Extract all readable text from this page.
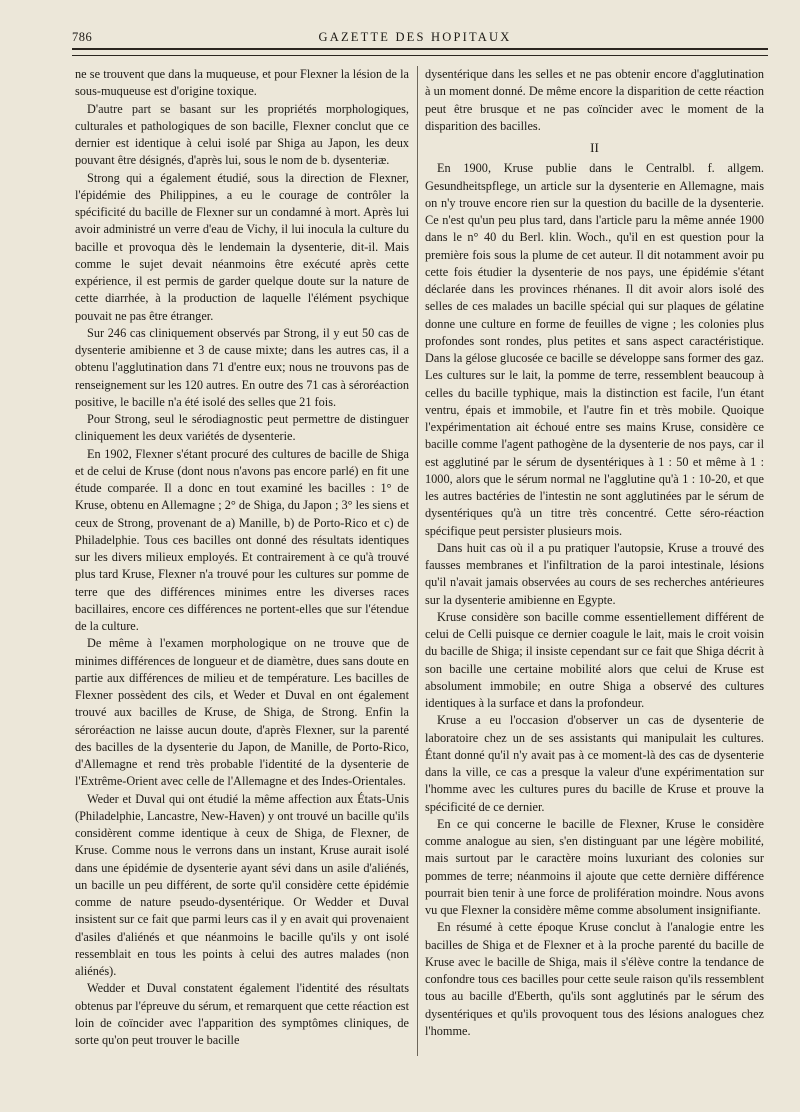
786	GAZETTE DES HOPITAUX

ne se trouvent que dans la muqueuse, et pour Flexner la lésion de la sous-muqueuse est d'origine toxique.

D'autre part se basant sur les propriétés morphologiques, culturales et pathologiques de son bacille, Flexner conclut que ce dernier est identique à celui isolé par Shiga au Japon, les deux pouvant être désignés, d'après lui, sous le nom de b. dysenteriæ.

Strong qui a également étudié, sous la direction de Flexner, l'épidémie des Philippines, a eu le courage de contrôler la spécificité du bacille de Flexner sur un condamné à mort. Après lui avoir administré un verre d'eau de Vichy, il lui inocula la culture du bacille et provoqua dès le lendemain la dysenterie, dit-il. Mais comme le sujet devait néanmoins être exécuté après cette expérience, il est permis de garder quelque doute sur la nature de cette diarrhée, à la production de laquelle l'élément psychique pouvait ne pas être étranger.

Sur 246 cas cliniquement observés par Strong, il y eut 50 cas de dysenterie amibienne et 3 de cause mixte; dans les autres cas, il a obtenu l'agglutination dans 71 d'entre eux; nous ne trouvons pas de renseignement sur les 120 autres. En outre des 71 cas à séroréaction positive, le bacille n'a été isolé des selles que 21 fois.

Pour Strong, seul le sérodiagnostic peut permettre de distinguer cliniquement les deux variétés de dysenterie.

En 1902, Flexner s'étant procuré des cultures de bacille de Shiga et de celui de Kruse (dont nous n'avons pas encore parlé) en fit une étude comparée. Il a donc en tout examiné les bacilles : 1° de Kruse, obtenu en Allemagne ; 2° de Shiga, du Japon ; 3° les siens et ceux de Strong, provenant de a) Manille, b) de Porto-Rico et c) de Philadelphie. Tous ces bacilles ont donné des résultats identiques sur les divers milieux employés. Et contrairement à ce qu'à trouvé plus tard Kruse, Flexner n'a trouvé pour les cultures sur pomme de terre que des différences minimes entre les diverses races bacillaires, encore ces différences ne portent-elles que sur l'étendue de la culture.

De même à l'examen morphologique on ne trouve que de minimes différences de longueur et de diamètre, dues sans doute en partie aux différences de milieu et de température. Les bacilles de Flexner possèdent des cils, et Weder et Duval en ont également trouvé aux bacilles de Kruse, de Shiga, de Strong. Enfin la séroréaction ne laisse aucun doute, d'après Flexner, sur la parenté des bacilles de la dysenterie du Japon, de Manille, de Porto-Rico, d'Allemagne et rend très probable l'identité de la dysenterie de l'Extrême-Orient avec celle de l'Allemagne et des Indes-Orientales.

Weder et Duval qui ont étudié la même affection aux États-Unis (Philadelphie, Lancastre, New-Haven) y ont trouvé un bacille qu'ils considèrent comme identique à ceux de Shiga, de Flexner, de Kruse. Comme nous le verrons dans un instant, Kruse aurait isolé dans une épidémie de dysenterie ayant sévi dans un asile d'aliénés, un bacille un peu différent, de sorte qu'il considère cette épidémie comme de nature pseudo-dysentérique. Or Wedder et Duval insistent sur ce fait que parmi leurs cas il y en avait qui provenaient d'asiles d'aliénés et que néanmoins le bacille qu'ils y ont isolé ressemblait en tous les points à celui des autres malades (non aliénés).

Wedder et Duval constatent également l'identité des résultats obtenus par l'épreuve du sérum, et remarquent que cette réaction est loin de coïncider avec l'apparition des symptômes cliniques, de sorte qu'on peut trouver le bacille

dysentérique dans les selles et ne pas obtenir encore d'agglutination à un moment donné. De même encore la disparition de cette réaction peut être brusque et ne pas coïncider avec le moment de la disparition des bacilles.

II

En 1900, Kruse publie dans le Centralbl. f. allgem. Gesundheitspflege, un article sur la dysenterie en Allemagne, mais on n'y trouve encore rien sur la question du bacille de la dysenterie. Ce n'est qu'un peu plus tard, dans l'article paru la même année 1900 dans le n° 40 du Berl. klin. Woch., qu'il en est question pour la première fois sous la plume de cet auteur. Il dit notamment avoir pu cette fois étudier la dysenterie de nos pays, une épidémie s'étant déclarée dans les provinces rhénanes. Il dit avoir alors isolé des selles de ces malades un bacille spécial qui sur plaques de gélatine donne une culture en forme de feuilles de vigne ; les colonies plus profondes sont rondes, plus petites et sans aspect caractéristique. Dans la gélose glucosée ce bacille se développe sans former des gaz. Les cultures sur le lait, la pomme de terre, ressemblent beaucoup à celles du bacille typhique, mais la distinction est facile, l'un étant ventru, épais et immobile, et l'autre fin et très mobile. Quoique l'expérimentation ait échoué entre ses mains Kruse, considère ce bacille comme l'agent pathogène de la dysenterie de nos pays, car il est agglutiné par le sérum de dysentériques à 1 : 50 et même à 1 : 1000, alors que le sérum normal ne l'agglutine qu'à 1 : 10-20, et que les autres bactéries de l'intestin ne sont agglutinées par le sérum de dysentériques qu'à un titre très concentré. Cette séro-réaction spécifique peut persister plusieurs mois.

Dans huit cas où il a pu pratiquer l'autopsie, Kruse a trouvé des fausses membranes et l'infiltration de la paroi intestinale, lésions qu'il n'avait jamais observées au cours de ses recherches antérieures sur la dysenterie amibienne en Egypte.

Kruse considère son bacille comme essentiellement différent de celui de Celli puisque ce dernier coagule le lait, mais le croit voisin du bacille de Shiga; il insiste cependant sur ce fait que Shiga décrit à son bacille une certaine mobilité alors que celui de Kruse est absolument immobile; en outre Shiga a observé des cultures identiques à la surface et dans la profondeur.

Kruse a eu l'occasion d'observer un cas de dysenterie de laboratoire chez un de ses assistants qui manipulait les cultures. Étant donné qu'il n'y avait pas à ce moment-là des cas de dysenterie dans la ville, ce cas a presque la valeur d'une expérimentation sur l'homme avec les cultures pures du bacille de Kruse et prouve la spécificité de ce dernier.

En ce qui concerne le bacille de Flexner, Kruse le considère comme analogue au sien, s'en distinguant par une légère mobilité, mais surtout par le caractère moins luxuriant des colonies sur pommes de terre; néanmoins il ajoute que cette dernière différence pourrait bien tenir à une force de prolifération moindre. Nous avons vu que Flexner la considère même comme absolument insignifiante.

En résumé à cette époque Kruse conclut à l'analogie entre les bacilles de Shiga et de Flexner et à la proche parenté du bacille de Kruse avec le bacille de Shiga, mais il s'élève contre la tendance de confondre tous ces bacilles pour cette seule raison qu'ils ressemblent tous au bacille d'Eberth, qu'ils sont agglutinés par le sérum des dysentériques et qu'ils provoquent tous des lésions analogues chez l'homme.
